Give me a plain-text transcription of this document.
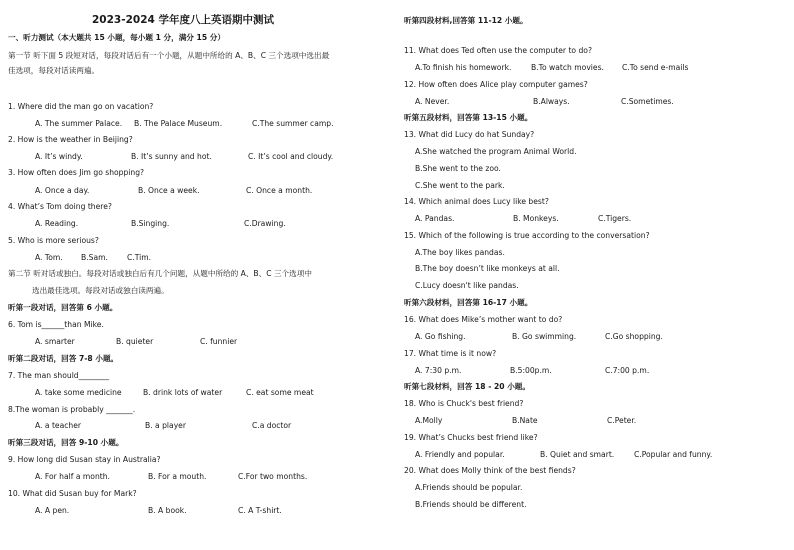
2023-2024 学年度八上英语期中测试
一、听力测试（本大题共 15 小题，每小题 1 分，满分 15 分）
第一节 听下面 5 段短对话，每段对话后有一个小题，从题中所给的 A、B、C 三个选项中选出最
佳选项，每段对话读两遍。
1. Where did the man go on vacation?
A. The summer Palace. B. The Palace Museum.	C.The summer camp.
2. How is the weather in Beijing?
A. It’s windy.	B. It’s sunny and hot.	C. It’s cool and cloudy.
3. How often does Jim go shopping?
A. Once a day.	B. Once a week.	C. Once a month.
4. What’s Tom doing there?
A. Reading.	B.Singing.	C.Drawing.
5. Who is more serious?
A. Tom. B.Sam.	C.Tim.
第二节 听对话或独白。每段对话或独白后有几个问题，从题中所给的 A、B、C 三个选项中
选出最佳选项。每段对话或独白读两遍。
听第一段对话，回答第 6 小题。
6. Tom is______than Mike.
A. smarter	B. quieter	C. funnier
听第二段对话，回答 7-8 小题。
7. The man should________
A. take some medicine	B. drink lots of water	C. eat some meat
8.The woman is probably _______.
A. a teacher	B. a player	C.a doctor
听第三段对话，回答 9-10 小题。
9. How long did Susan stay in Australia?
A. For half a month.	B. For a mouth.	C.For two months.
10. What did Susan buy for Mark?
A. A pen.	B. A book.	C. A T-shirt.
听第四段材料,回答第 11-12 小题。
11. What does Ted often use the computer to do?
A.To finish his homework.	B.To watch movies. C.To send e-mails
12. How often does Alice play computer games?
A. Never.	B.Always.	C.Sometimes.
听第五段材料，回答第 13-15 小题。
13. What did Lucy do hat Sunday?
A.She watched the program Animal World.
B.She went to the zoo.
C.She went to the park.
14. Which animal does Lucy like best?
A. Pandas.	B. Monkeys.	C.Tigers.
15. Which of the following is true according to the conversation?
A.The boy likes pandas.
B.The boy doesn’t like monkeys at all.
C.Lucy doesn't like pandas.
听第六段材料，回答第 16-17 小题。
16. What does Mike’s mother want to do?
A. Go fishing.	B. Go swimming.	C.Go shopping.
17. What time is it now?
A. 7:30 p.m.	B.5:00p.m.	C.7:00 p.m.
听第七段材料，回答 18 - 20 小题。
18. Who is Chuck's best friend?
A.Molly	B.Nate	C.Peter.
19. What’s Chucks best friend like?
A. Friendly and popular.	B. Quiet and smart.	C.Popular and funny.
20. What does Molly think of the best fiends?
A.Friends should be popular.
B.Friends should be different.
